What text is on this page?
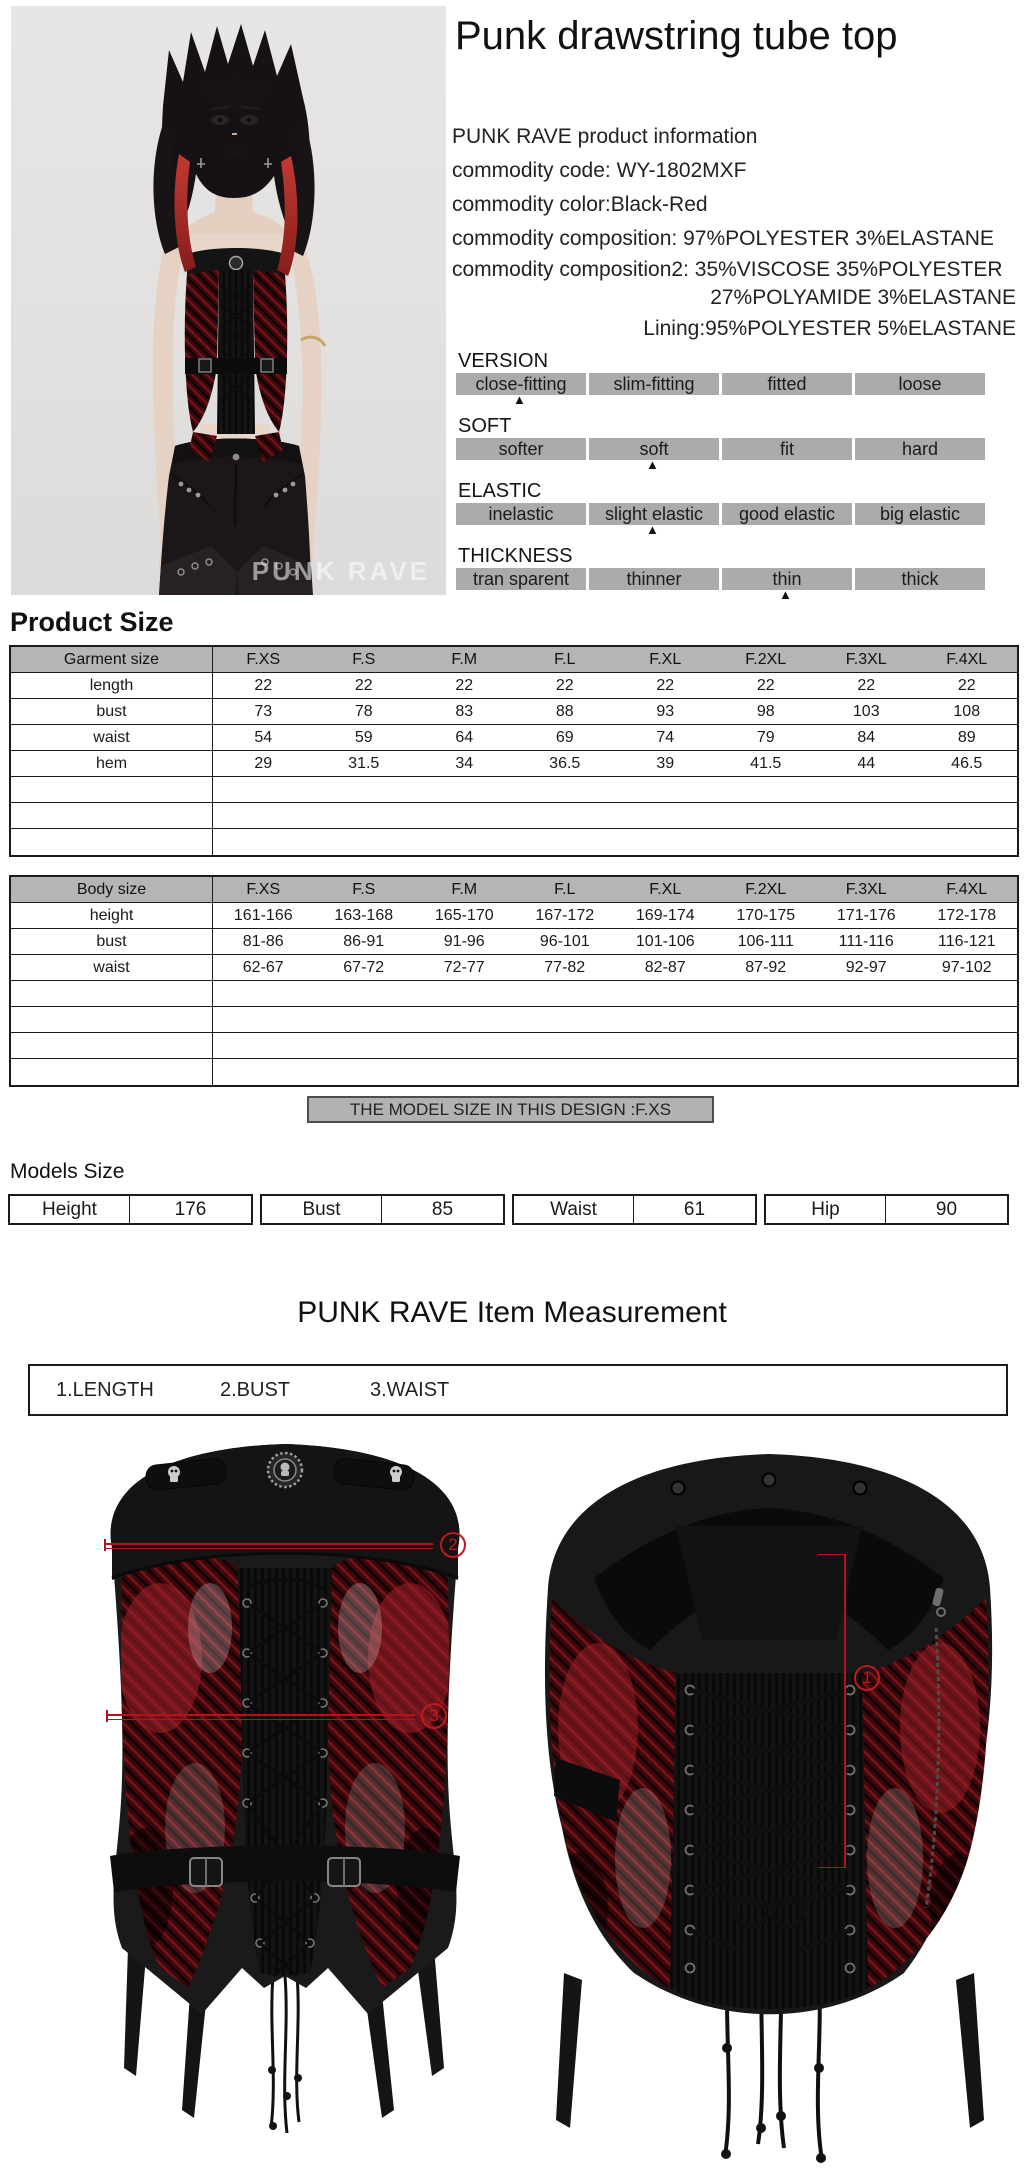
PUNK RAVE
Punk drawstring tube top
PUNK RAVE product information
commodity code: WY-1802MXF
commodity color:Black-Red
commodity composition: 97%POLYESTER 3%ELASTANE
commodity composition2: 35%VISCOSE 35%POLYESTER
27%POLYAMIDE 3%ELASTANE
Lining:95%POLYESTER 5%ELASTANE
VERSION
close-fitting	slim-fitting	fitted	loose
▲
SOFT
softer	soft	fit	hard
▲
ELASTIC
inelastic	slight elastic	good elastic	big elastic
▲
THICKNESS
tran sparent	thinner	thin	thick
▲
Product Size
Garment size	F.XS	F.S	F.M	F.L	F.XL	F.2XL	F.3XL	F.4XL
length	22	22	22	22	22	22	22	22
bust	73	78	83	88	93	98	103	108
waist	54	59	64	69	74	79	84	89
hem	29	31.5	34	36.5	39	41.5	44	46.5
Body size	F.XS	F.S	F.M	F.L	F.XL	F.2XL	F.3XL	F.4XL
height	161-166	163-168	165-170	167-172	169-174	170-175	171-176	172-178
bust	81-86	86-91	91-96	96-101	101-106	106-111	111-116	116-121
waist	62-67	67-72	72-77	77-82	82-87	87-92	92-97	97-102
THE MODEL SIZE IN THIS DESIGN :F.XS
Models Size
Height	176	Bust	85	Waist	61	Hip	90
PUNK RAVE Item Measurement
1.LENGTH	2.BUST	3.WAIST
2
3
1
